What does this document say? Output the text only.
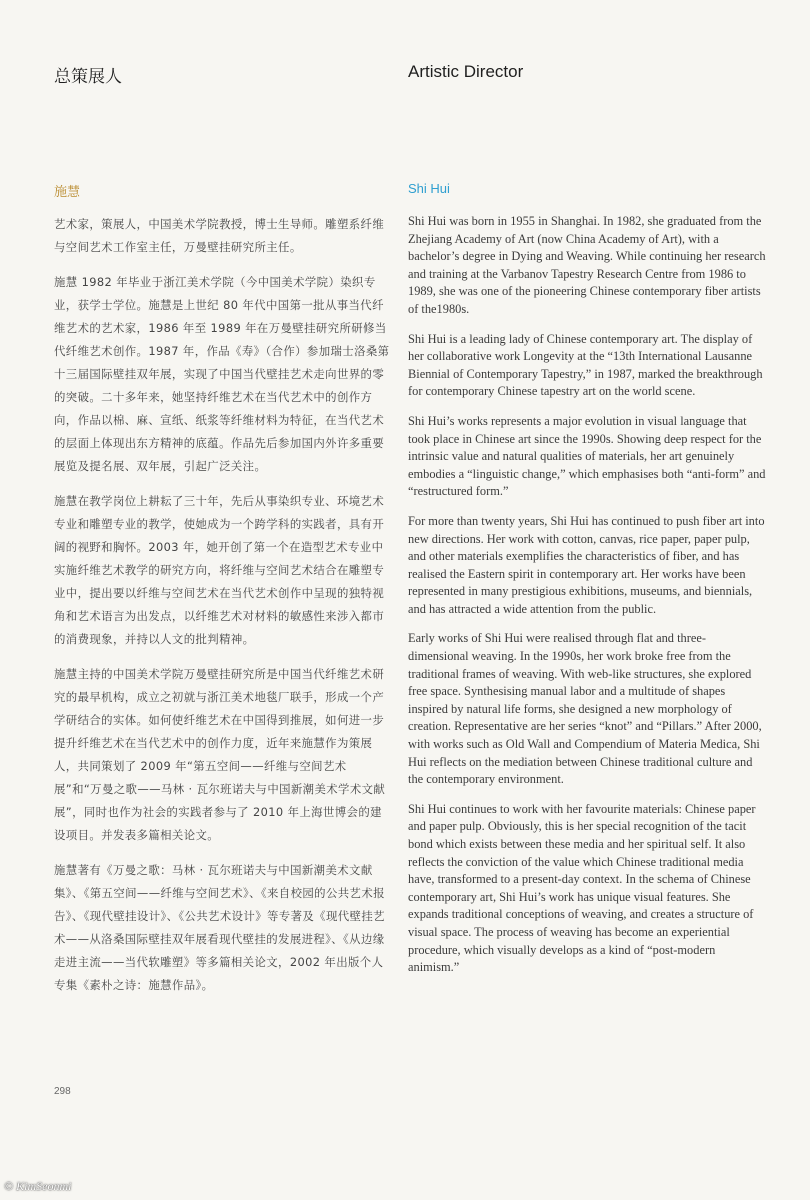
总策展人	Artistic Director
施慧	Shi Hui

艺术家，策展人，中国美术学院教授，博士生导师。雕塑系纤维与空间艺术工作室主任，万曼壁挂研究所主任。

施慧 1982 年毕业于浙江美术学院（今中国美术学院）染织专业，获学士学位。施慧是上世纪 80 年代中国第一批从事当代纤维艺术的艺术家，1986 年至 1989 年在万曼壁挂研究所研修当代纤维艺术创作。1987 年，作品《寿》（合作）参加瑞士洛桑第十三届国际壁挂双年展，实现了中国当代壁挂艺术走向世界的零的突破。二十多年来，她坚持纤维艺术在当代艺术中的创作方向，作品以棉、麻、宣纸、纸浆等纤维材料为特征，在当代艺术的层面上体现出东方精神的底蕴。作品先后参加国内外许多重要展览及提名展、双年展，引起广泛关注。

施慧在教学岗位上耕耘了三十年，先后从事染织专业、环境艺术专业和雕塑专业的教学，使她成为一个跨学科的实践者，具有开阔的视野和胸怀。2003 年，她开创了第一个在造型艺术专业中实施纤维艺术教学的研究方向，将纤维与空间艺术结合在雕塑专业中，提出要以纤维与空间艺术在当代艺术创作中呈现的独特视角和艺术语言为出发点，以纤维艺术对材料的敏感性来涉入都市的消费现象，并持以人文的批判精神。

施慧主持的中国美术学院万曼壁挂研究所是中国当代纤维艺术研究的最早机构，成立之初就与浙江美术地毯厂联手，形成一个产学研结合的实体。如何使纤维艺术在中国得到推展，如何进一步提升纤维艺术在当代艺术中的创作力度，近年来施慧作为策展人，共同策划了 2009 年“第五空间——纤维与空间艺术展”和“万曼之歌——马林 · 瓦尔班诺夫与中国新潮美术学术文献展”，同时也作为社会的实践者参与了 2010 年上海世博会的建设项目。并发表多篇相关论文。

施慧著有《万曼之歌：马林 · 瓦尔班诺夫与中国新潮美术文献集》、《第五空间——纤维与空间艺术》、《来自校园的公共艺术报告》、《现代壁挂设计》、《公共艺术设计》等专著及《现代壁挂艺术——从洛桑国际壁挂双年展看现代壁挂的发展进程》、《从边缘走进主流——当代软雕塑》等多篇相关论文，2002 年出版个人专集《素朴之诗：施慧作品》。

Shi Hui was born in 1955 in Shanghai. In 1982, she graduated from the Zhejiang Academy of Art (now China Academy of Art), with a bachelor’s degree in Dying and Weaving. While continuing her research and training at the Varbanov Tapestry Research Centre from 1986 to 1989, she was one of the pioneering Chinese contemporary fiber artists of the1980s.

Shi Hui is a leading lady of Chinese contemporary art. The display of her collaborative work Longevity at the “13th International Lausanne Biennial of Contemporary Tapestry,” in 1987, marked the breakthrough for contemporary Chinese tapestry art on the world scene.

Shi Hui’s works represents a major evolution in visual language that took place in Chinese art since the 1990s. Showing deep respect for the intrinsic value and natural qualities of materials, her art genuinely embodies a “linguistic change,” which emphasises both “anti-form” and “restructured form.”

For more than twenty years, Shi Hui has continued to push fiber art into new directions. Her work with cotton, canvas, rice paper, paper pulp, and other materials exemplifies the characteristics of fiber, and has realised the Eastern spirit in contemporary art. Her works have been represented in many prestigious exhibitions, museums, and biennials, and has attracted a wide attention from the public.

Early works of Shi Hui were realised through flat and three-dimensional weaving. In the 1990s, her work broke free from the traditional frames of weaving. With web-like structures, she explored free space. Synthesising manual labor and a multitude of shapes inspired by natural life forms, she designed a new morphology of creation. Representative are her series “knot” and “Pillars.” After 2000, with works such as Old Wall and Compendium of Materia Medica, Shi Hui reflects on the mediation between Chinese traditional culture and the contemporary environment.

Shi Hui continues to work with her favourite materials: Chinese paper and paper pulp. Obviously, this is her special recognition of the tacit bond which exists between these media and her spiritual self. It also reflects the conviction of the value which Chinese traditional media have, transformed to a present-day context. In the schema of Chinese contemporary art, Shi Hui’s work has unique visual features. She expands traditional conceptions of weaving, and creates a structure of visual space. The process of weaving has become an experiential procedure, which visually develops as a kind of “post-modern animism.”

298
© KimSeonmi
